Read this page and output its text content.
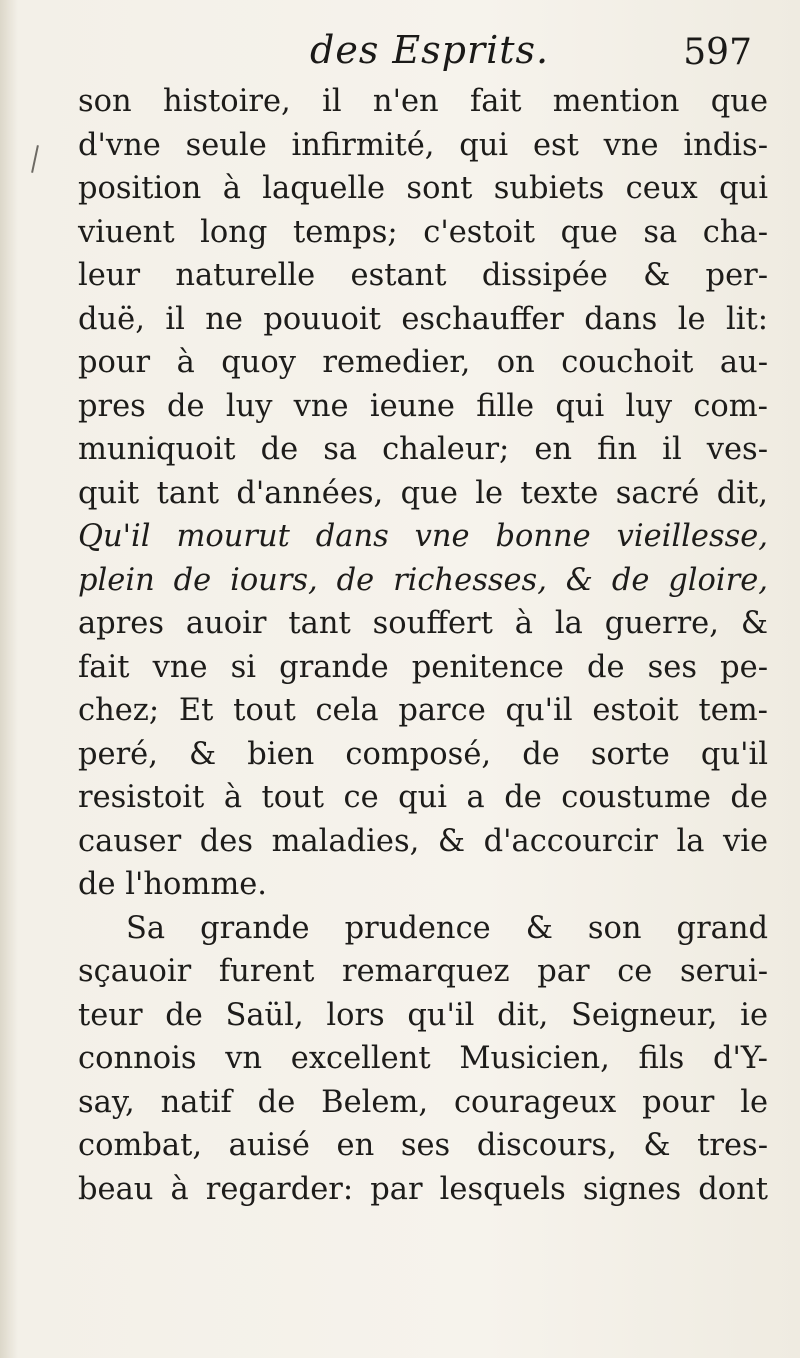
des Esprits.	597
son histoire, il n'en fait mention que
d'vne seule infirmité, qui est vne indis-
position à laquelle sont subiets ceux qui
viuent long temps; c'estoit que sa cha-
leur naturelle estant dissipée & per-
duë, il ne pouuoit eschauffer dans le lit:
pour à quoy remedier, on couchoit au-
pres de luy vne ieune fille qui luy com-
muniquoit de sa chaleur; en fin il ves-
quit tant d'années, que le texte sacré dit,
Qu'il mourut dans vne bonne vieillesse,
plein de iours, de richesses, & de gloire,
apres auoir tant souffert à la guerre, &
fait vne si grande penitence de ses pe-
chez; Et tout cela parce qu'il estoit tem-
peré, & bien composé, de sorte qu'il
resistoit à tout ce qui a de coustume de
causer des maladies, & d'accourcir la vie
de l'homme.
Sa grande prudence & son grand
sçauoir furent remarquez par ce serui-
teur de Saül, lors qu'il dit, Seigneur, ie
connois vn excellent Musicien, fils d'Y-
say, natif de Belem, courageux pour le
combat, auisé en ses discours, & tres-
beau à regarder: par lesquels signes dont
